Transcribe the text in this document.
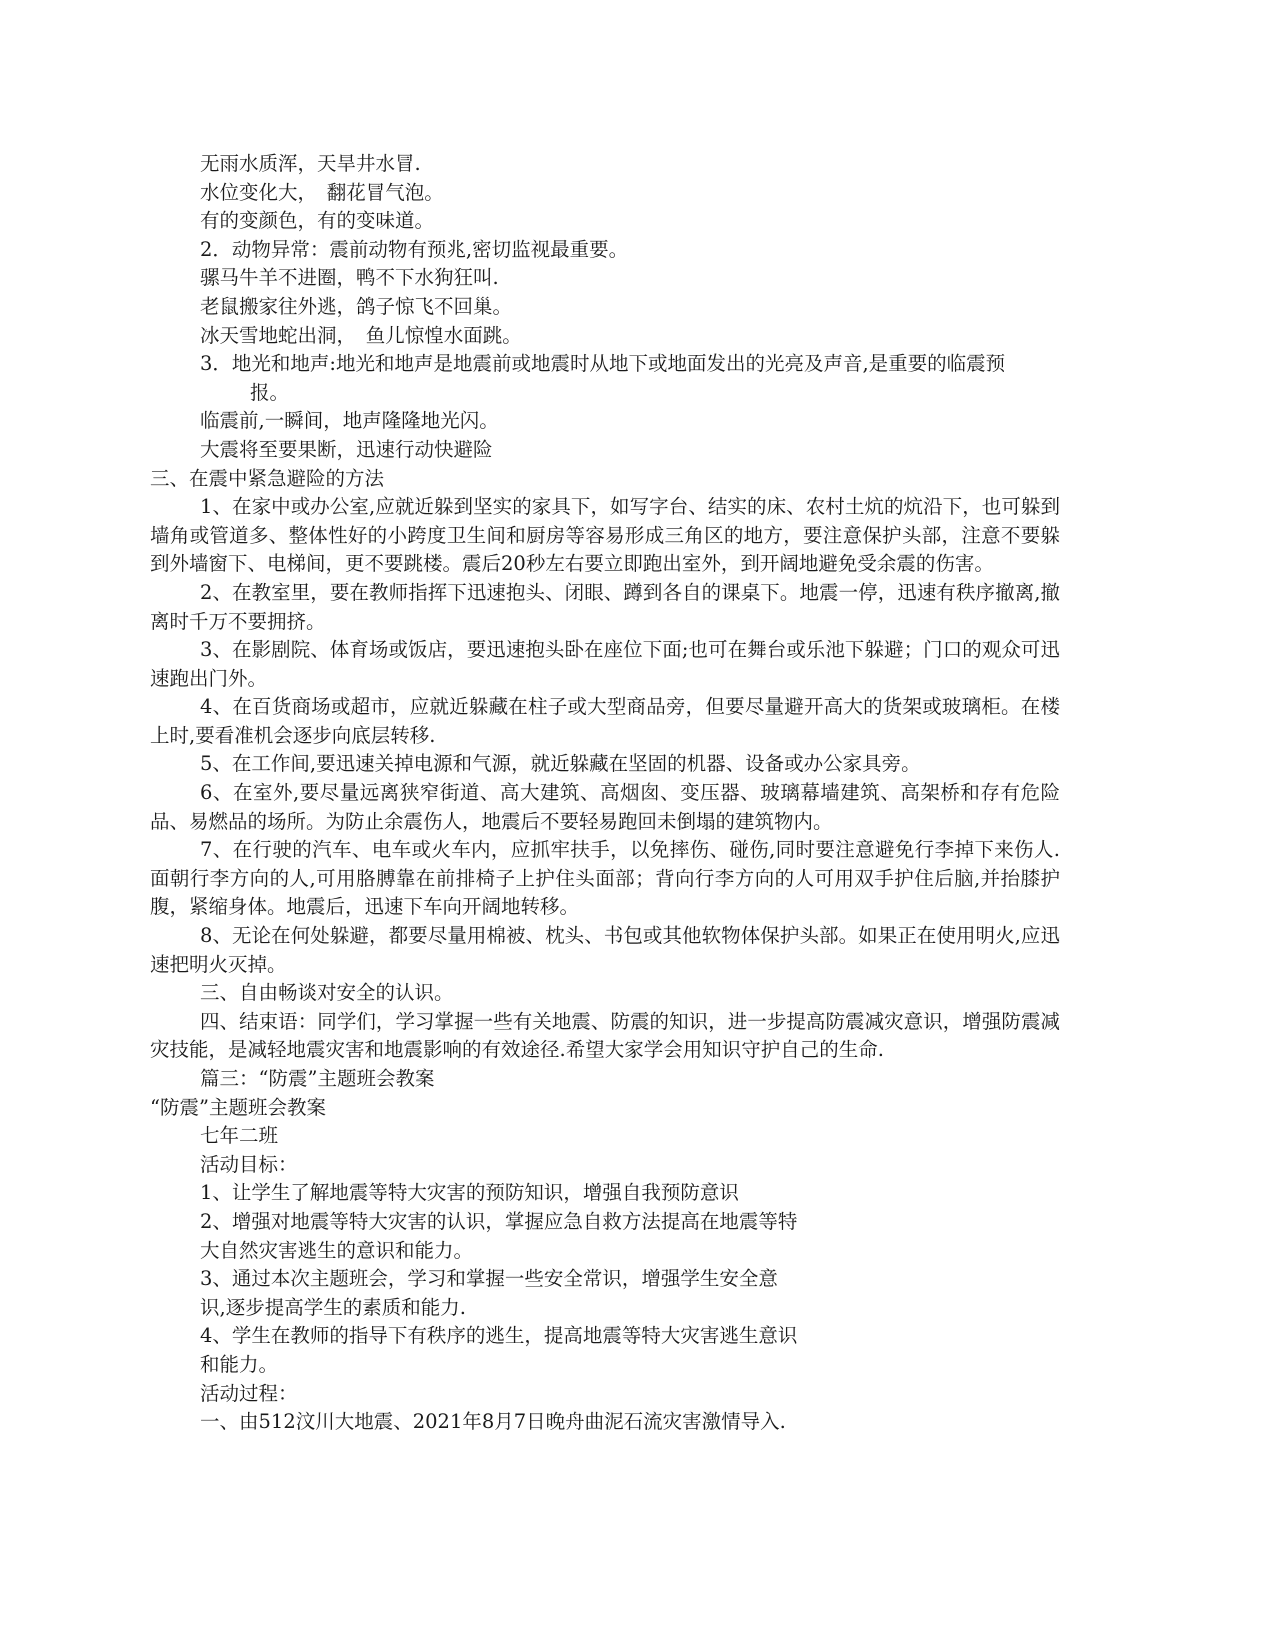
无雨水质浑，天旱井水冒.
水位变化大，　翻花冒气泡。
有的变颜色，有的变味道。
2．动物异常：震前动物有预兆,密切监视最重要。
骡马牛羊不进圈，鸭不下水狗狂叫.
老鼠搬家往外逃，鸽子惊飞不回巢。
冰天雪地蛇出洞，　鱼儿惊惶水面跳。
3．地光和地声:地光和地声是地震前或地震时从地下或地面发出的光亮及声音,是重要的临震预
报。
临震前,一瞬间，地声隆隆地光闪。
大震将至要果断，迅速行动快避险
三、在震中紧急避险的方法

1、在家中或办公室,应就近躲到坚实的家具下，如写字台、结实的床、农村土炕的炕沿下，也可躲到墙角或管道多、整体性好的小跨度卫生间和厨房等容易形成三角区的地方，要注意保护头部，注意不要躲到外墙窗下、电梯间，更不要跳楼。震后20秒左右要立即跑出室外，到开阔地避免受余震的伤害。

2、在教室里，要在教师指挥下迅速抱头、闭眼、蹲到各自的课桌下。地震一停，迅速有秩序撤离,撤离时千万不要拥挤。

3、在影剧院、体育场或饭店，要迅速抱头卧在座位下面;也可在舞台或乐池下躲避；门口的观众可迅速跑出门外。

4、在百货商场或超市，应就近躲藏在柱子或大型商品旁，但要尽量避开高大的货架或玻璃柜。在楼上时,要看准机会逐步向底层转移.

5、在工作间,要迅速关掉电源和气源，就近躲藏在坚固的机器、设备或办公家具旁。

6、在室外,要尽量远离狭窄街道、高大建筑、高烟囱、变压器、玻璃幕墙建筑、高架桥和存有危险品、易燃品的场所。为防止余震伤人，地震后不要轻易跑回未倒塌的建筑物内。

7、在行驶的汽车、电车或火车内，应抓牢扶手，以免摔伤、碰伤,同时要注意避免行李掉下来伤人.面朝行李方向的人,可用胳膊靠在前排椅子上护住头面部；背向行李方向的人可用双手护住后脑,并抬膝护腹，紧缩身体。地震后，迅速下车向开阔地转移。

8、无论在何处躲避，都要尽量用棉被、枕头、书包或其他软物体保护头部。如果正在使用明火,应迅速把明火灭掉。

三、自由畅谈对安全的认识。

四、结束语：同学们，学习掌握一些有关地震、防震的知识，进一步提高防震减灾意识，增强防震减灾技能，是减轻地震灾害和地震影响的有效途径.希望大家学会用知识守护自己的生命.

篇三：“防震”主题班会教案
“防震”主题班会教案
七年二班
活动目标：
1、让学生了解地震等特大灾害的预防知识，增强自我预防意识
2、增强对地震等特大灾害的认识，掌握应急自救方法提高在地震等特大自然灾害逃生的意识和能力。
3、通过本次主题班会，学习和掌握一些安全常识，增强学生安全意识,逐步提高学生的素质和能力.
4、学生在教师的指导下有秩序的逃生，提高地震等特大灾害逃生意识和能力。
活动过程：
一、由512汶川大地震、2021年8月7日晚舟曲泥石流灾害激情导入.
